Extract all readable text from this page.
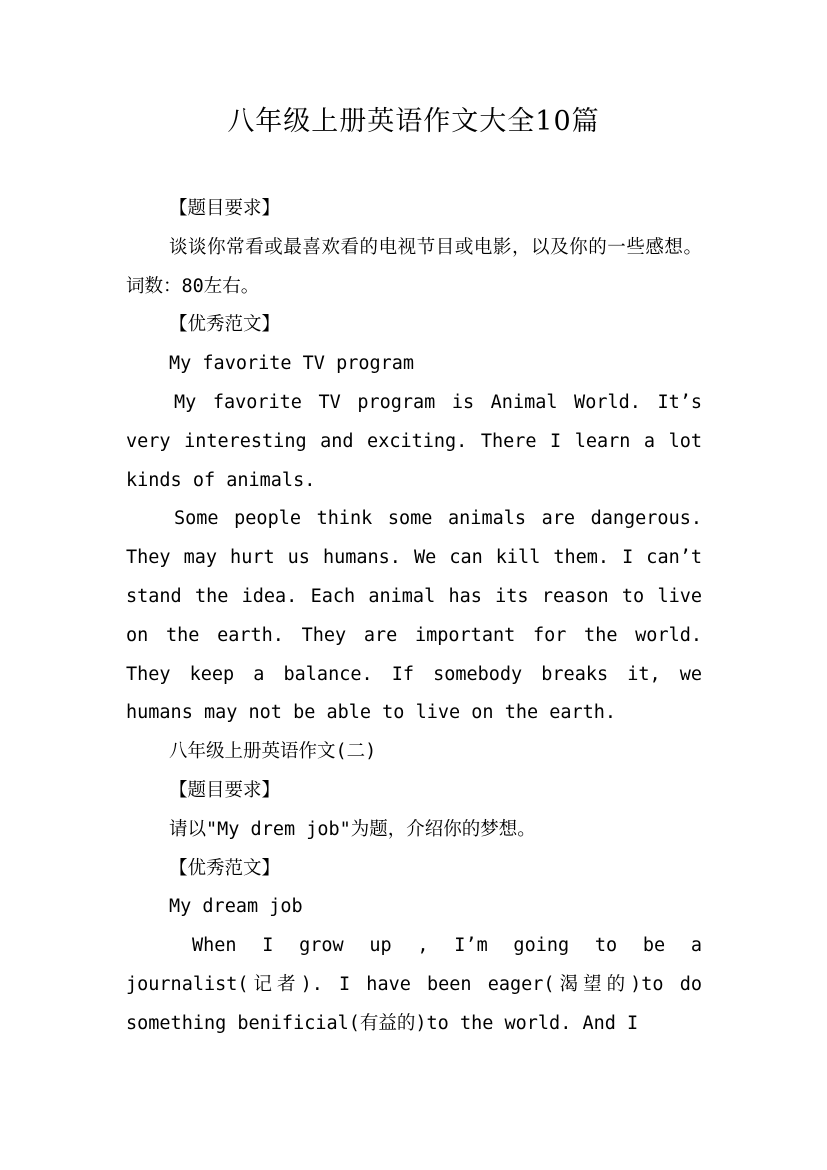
八年级上册英语作文大全10篇

【题目要求】

谈谈你常看或最喜欢看的电视节目或电影，以及你的一些感想。词数：80左右。

【优秀范文】

My favorite TV program

My favorite TV program is Animal World. It’s very interesting and exciting. There I learn a lot kinds of animals.

Some people think some animals are dangerous. They may hurt us humans. We can kill them. I can’t stand the idea. Each animal has its reason to live on the earth. They are important for the world. They keep a balance. If somebody breaks it, we humans may not be able to live on the earth.

八年级上册英语作文(二)

【题目要求】

请以"My drem job"为题，介绍你的梦想。

【优秀范文】

My dream job

When I grow up , I’m going to be a journalist(记者). I have been eager(渴望的)to do something benificial(有益的)to the world. And I
